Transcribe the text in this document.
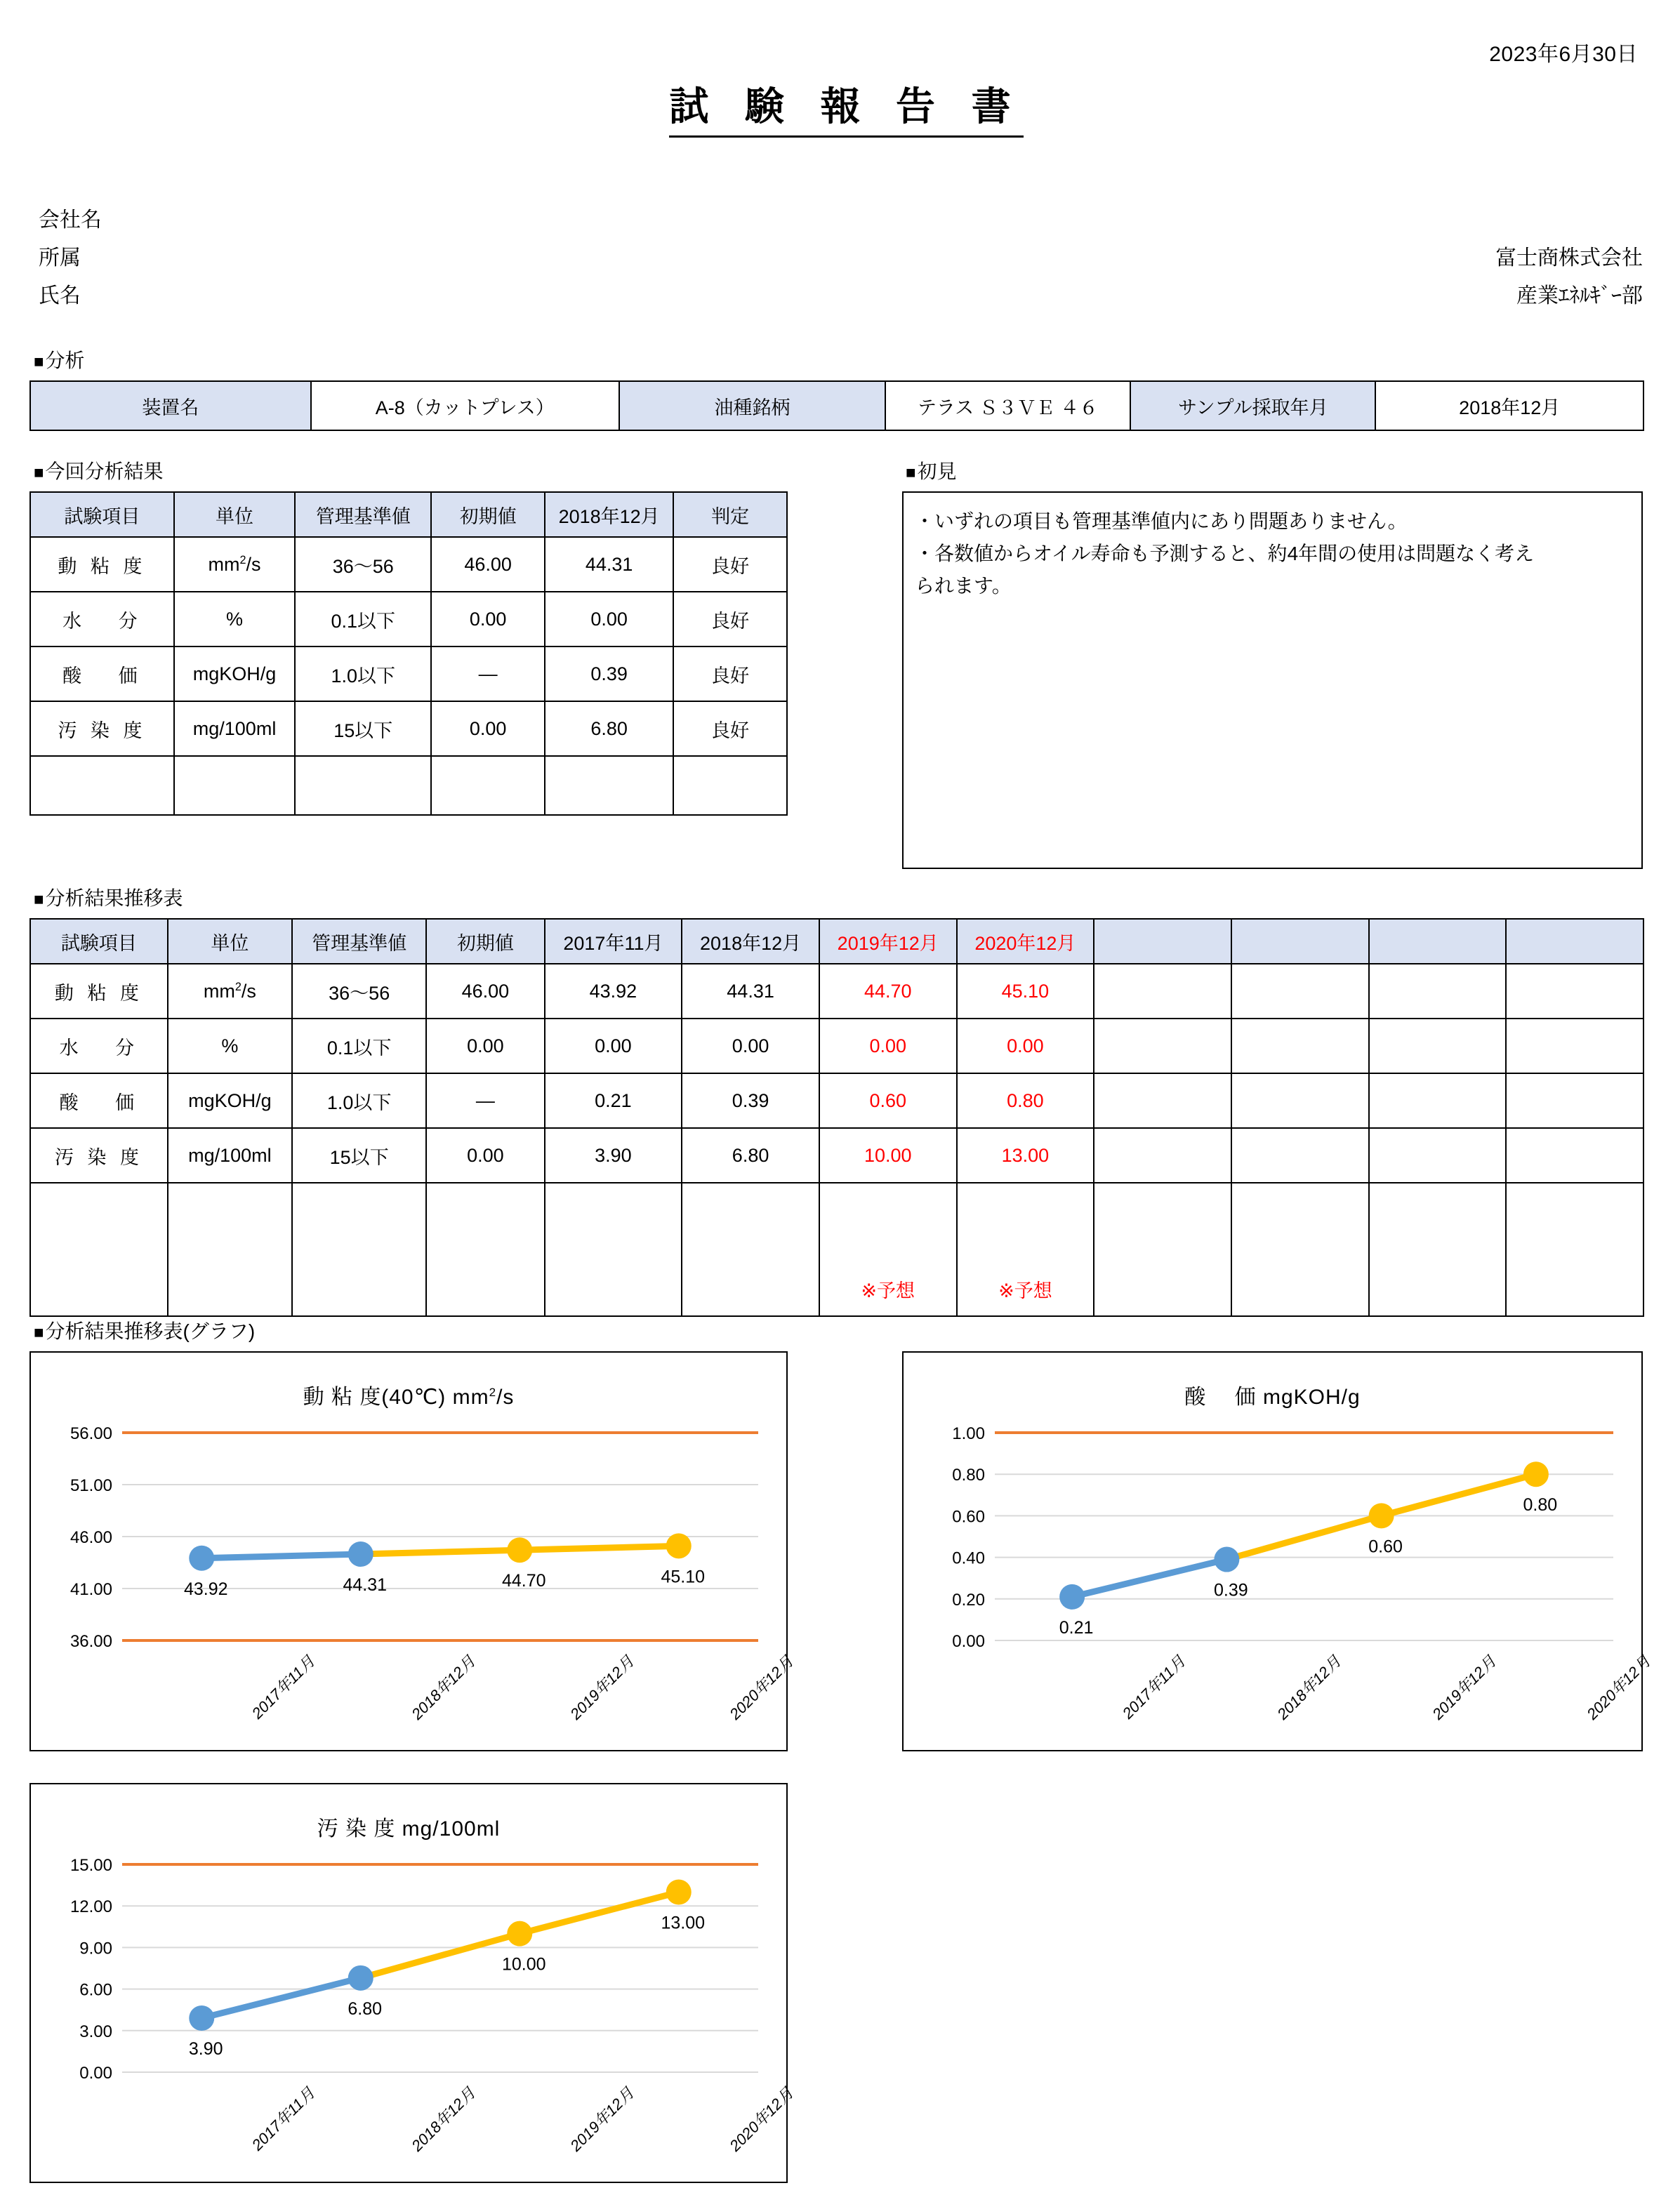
2023年6月30日
試 験 報 告 書
会社名
所属	富士商株式会社
氏名	産業ｴﾈﾙｷﾞｰ部
■ 分析
装置名	A-8（カットプレス）	油種銘柄	テラス Ｓ３ＶＥ ４６	サンプル採取年月	2018年12月
■ 今回分析結果
試験項目	単位	管理基準値	初期値	2018年12月	判定
動 粘 度	$mm^2/s$	36〜56	46.00	44.31	良好
水　 分	%	0.1以下	0.00	0.00	良好
酸　 価	mgKOH/g	1.0以下	—	0.39	良好
汚 染 度	mg/100ml	15以下	0.00	6.80	良好

■ 初見
・いずれの項目も管理基準値内にあり問題ありません。
・各数値からオイル寿命も予測すると、約4年間の使用は問題なく考え
られます。
■ 分析結果推移表
試験項目	単位	管理基準値	初期値	2017年11月	2018年12月	2019年12月	2020年12月				
動 粘 度	$mm^2/s$	36〜56	46.00	43.92	44.31	44.70	45.10				
水　 分	%	0.1以下	0.00	0.00	0.00	0.00	0.00				
酸　 価	mgKOH/g	1.0以下	—	0.21	0.39	0.60	0.80				
汚 染 度	mg/100ml	15以下	0.00	3.90	6.80	10.00	13.00				
						※予想	※予想				
■ 分析結果推移表(グラフ)
動 粘 度(40℃) $mm^2/s$
36.00
41.00
46.00
51.00
56.00
43.92	44.31	44.70	45.10
2017年11月	2018年12月	2019年12月	2020年12月
酸　 価 mgKOH/g
0.00
0.20
0.40
0.60
0.80
1.00
0.21
0.39
0.60
0.80
2017年11月	2018年12月	2019年12月	2020年12月
汚 染 度 mg/100ml
0.00
3.00
6.00
9.00
12.00
15.00
3.90
6.80
10.00
13.00
2017年11月	2018年12月	2019年12月	2020年12月
